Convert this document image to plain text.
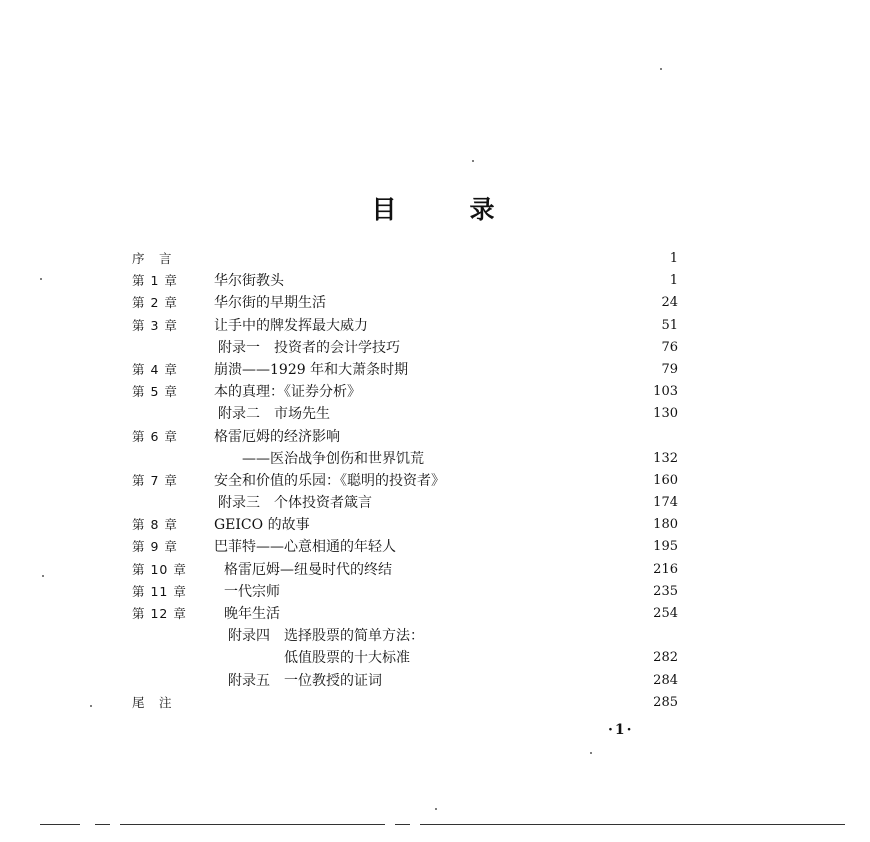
目　录
序　言	1
第 1 章	华尔街教头	1
第 2 章	华尔街的早期生活	24
第 3 章	让手中的牌发挥最大威力	51
附录一　投资者的会计学技巧	76
第 4 章	崩溃——1929 年和大萧条时期	79
第 5 章	本的真理：《证券分析》	103
附录二　市场先生	130
第 6 章	格雷厄姆的经济影响
——医治战争创伤和世界饥荒	132
第 7 章	安全和价值的乐园：《聪明的投资者》	160
附录三　个体投资者箴言	174
第 8 章	GEICO 的故事	180
第 9 章	巴菲特——心意相通的年轻人	195
第 10 章	格雷厄姆—纽曼时代的终结	216
第 11 章	一代宗师	235
第 12 章	晚年生活	254
附录四　选择股票的简单方法：
低值股票的十大标准	282
附录五　一位教授的证词	284
尾　注	285
·1·
